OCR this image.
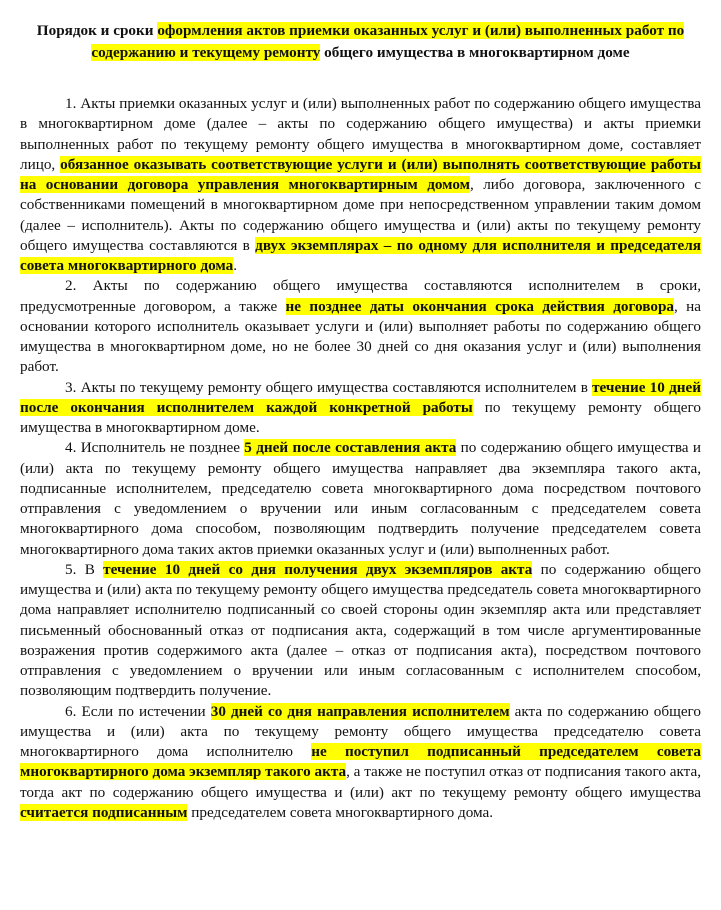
Порядок и сроки оформления актов приемки оказанных услуг и (или) выполненных работ по содержанию и текущему ремонту общего имущества в многоквартирном доме

1. Акты приемки оказанных услуг и (или) выполненных работ по содержанию общего имущества в многоквартирном доме (далее – акты по содержанию общего имущества) и акты приемки выполненных работ по текущему ремонту общего имущества в многоквартирном доме, составляет лицо, обязанное оказывать соответствующие услуги и (или) выполнять соответствующие работы на основании договора управления многоквартирным домом, либо договора, заключенного с собственниками помещений в многоквартирном доме при непосредственном управлении таким домом (далее – исполнитель). Акты по содержанию общего имущества и (или) акты по текущему ремонту общего имущества составляются в двух экземплярах – по одному для исполнителя и председателя совета многоквартирного дома.

2. Акты по содержанию общего имущества составляются исполнителем в сроки, предусмотренные договором, а также не позднее даты окончания срока действия договора, на основании которого исполнитель оказывает услуги и (или) выполняет работы по содержанию общего имущества в многоквартирном доме, но не более 30 дней со дня оказания услуг и (или) выполнения работ.

3. Акты по текущему ремонту общего имущества составляются исполнителем в течение 10 дней после окончания исполнителем каждой конкретной работы по текущему ремонту общего имущества в многоквартирном доме.

4. Исполнитель не позднее 5 дней после составления акта по содержанию общего имущества и (или) акта по текущему ремонту общего имущества направляет два экземпляра такого акта, подписанные исполнителем, председателю совета многоквартирного дома посредством почтового отправления с уведомлением о вручении или иным согласованным с председателем совета многоквартирного дома способом, позволяющим подтвердить получение председателем совета многоквартирного дома таких актов приемки оказанных услуг и (или) выполненных работ.

5. В течение 10 дней со дня получения двух экземпляров акта по содержанию общего имущества и (или) акта по текущему ремонту общего имущества председатель совета многоквартирного дома направляет исполнителю подписанный со своей стороны один экземпляр акта или представляет письменный обоснованный отказ от подписания акта, содержащий в том числе аргументированные возражения против содержимого акта (далее – отказ от подписания акта), посредством почтового отправления с уведомлением о вручении или иным согласованным с исполнителем способом, позволяющим подтвердить получение.

6. Если по истечении 30 дней со дня направления исполнителем акта по содержанию общего имущества и (или) акта по текущему ремонту общего имущества председателю совета многоквартирного дома исполнителю не поступил подписанный председателем совета многоквартирного дома экземпляр такого акта, а также не поступил отказ от подписания такого акта, тогда акт по содержанию общего имущества и (или) акт по текущему ремонту общего имущества считается подписанным председателем совета многоквартирного дома.
